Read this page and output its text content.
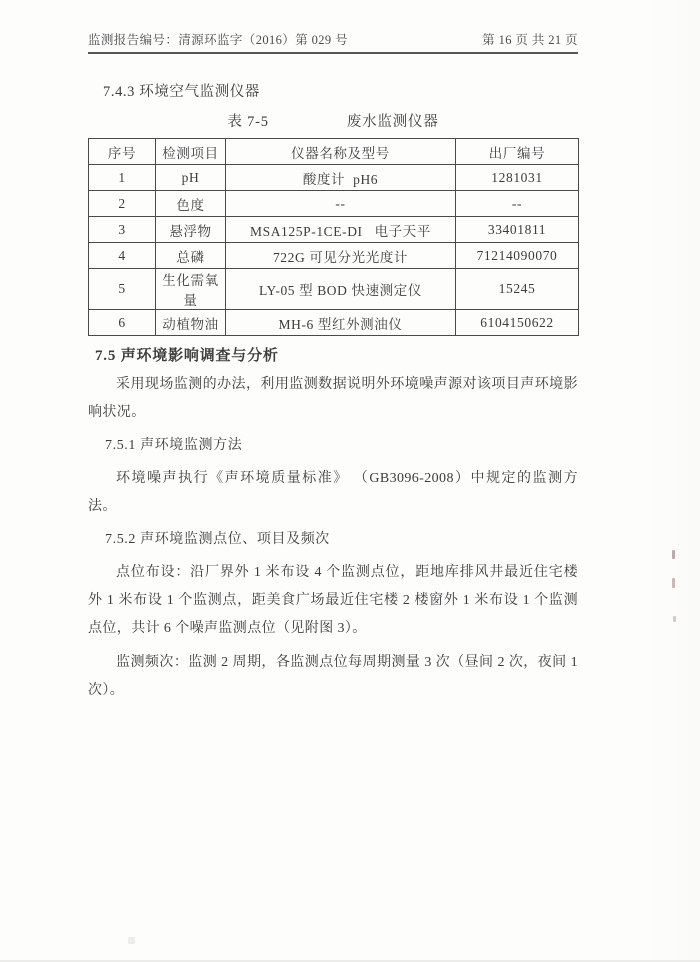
监测报告编号：清源环监字（2016）第 029 号	第 16 页 共 21 页
7.4.3 环境空气监测仪器
表 7-5	废水监测仪器
序号	检测项目	仪器名称及型号	出厂编号
1	pH	酸度计  pH6	1281031
2	色度	--	--
3	悬浮物	MSA125P-1CE-DI   电子天平	33401811
4	总磷	722G 可见分光光度计	71214090070
5	生化需氧量	LY-05 型 BOD 快速测定仪	15245
6	动植物油	MH-6 型红外测油仪	6104150622
7.5 声环境影响调查与分析

采用现场监测的办法，利用监测数据说明外环境噪声源对该项目声环境影响状况。

7.5.1 声环境监测方法

环境噪声执行《声环境质量标准》 （GB3096-2008）中规定的监测方法。

7.5.2 声环境监测点位、项目及频次

点位布设：沿厂界外 1 米布设 4 个监测点位，距地库排风井最近住宅楼外 1 米布设 1 个监测点，距美食广场最近住宅楼 2 楼窗外 1 米布设 1 个监测点位，共计 6 个噪声监测点位（见附图 3）。

监测频次：监测 2 周期，各监测点位每周期测量 3 次（昼间 2 次，夜间 1 次）。
